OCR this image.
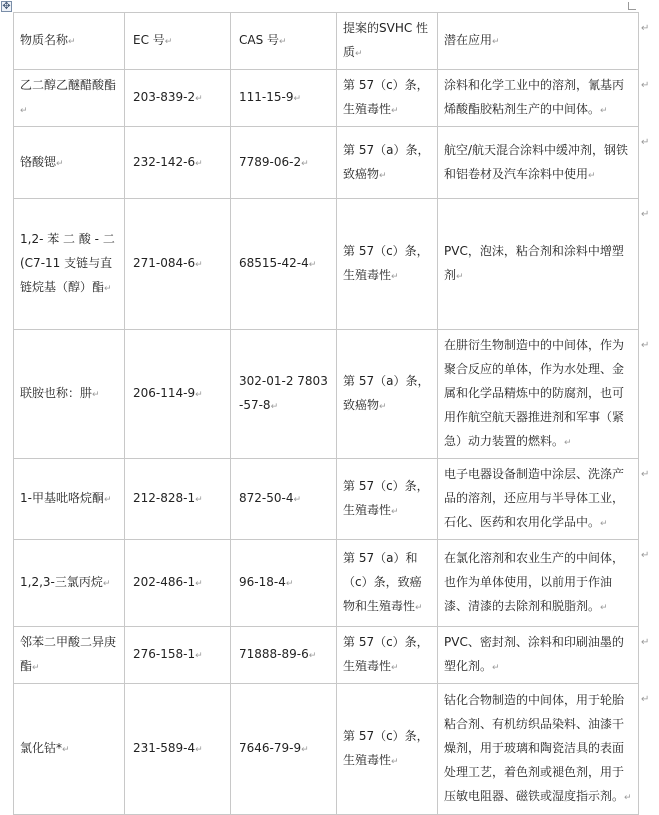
✥
物质名称↵	EC 号↵	CAS 号↵	提案的SVHC 性质↵	潜在应用↵
乙二醇乙醚醋酸酯↵	203-839-2↵	111-15-9↵	第 57（c）条，生殖毒性↵	涂料和化学工业中的溶剂，氰基丙烯酸酯胶粘剂生产的中间体。↵
铬酸锶↵	232-142-6↵	7789-06-2↵	第 57（a）条，致癌物↵	航空/航天混合涂料中缓冲剂，钢铁和铝卷材及汽车涂料中使用↵
1,2- 苯 二 酸 - 二(C7-11 支链与直链烷基（醇）酯↵	271-084-6↵	68515-42-4↵	第 57（c）条，生殖毒性↵	PVC，泡沫，粘合剂和涂料中增塑剂↵
联胺也称：肼↵	206-114-9↵	302-01-2 7803-57-8↵	第 57（a）条，致癌物↵	在肼衍生物制造中的中间体，作为聚合反应的单体，作为水处理、金属和化学品精炼中的防腐剂，也可用作航空航天器推进剂和军事（紧急）动力装置的燃料。↵
1-甲基吡咯烷酮↵	212-828-1↵	872-50-4↵	第 57（c）条，生殖毒性↵	电子电器设备制造中涂层、洗涤产品的溶剂，还应用与半导体工业，石化、医药和农用化学品中。↵
1,2,3-三氯丙烷↵	202-486-1↵	96-18-4↵	第 57（a）和（c）条，致癌物和生殖毒性↵	在氯化溶剂和农业生产的中间体，也作为单体使用，以前用于作油漆、清漆的去除剂和脱脂剂。↵
邻苯二甲酸二异庚酯↵	276-158-1↵	71888-89-6↵	第 57（c）条，生殖毒性↵	PVC、密封剂、涂料和印刷油墨的塑化剂。↵
氯化钴*↵	231-589-4↵	7646-79-9↵	第 57（c）条，生殖毒性↵	钴化合物制造的中间体，用于轮胎粘合剂、有机纺织品染料、油漆干燥剂，用于玻璃和陶瓷洁具的表面处理工艺，着色剂或褪色剂，用于压敏电阻器、磁铁或湿度指示剂。↵
↵
↵
↵
↵
↵
↵
↵
↵
↵
